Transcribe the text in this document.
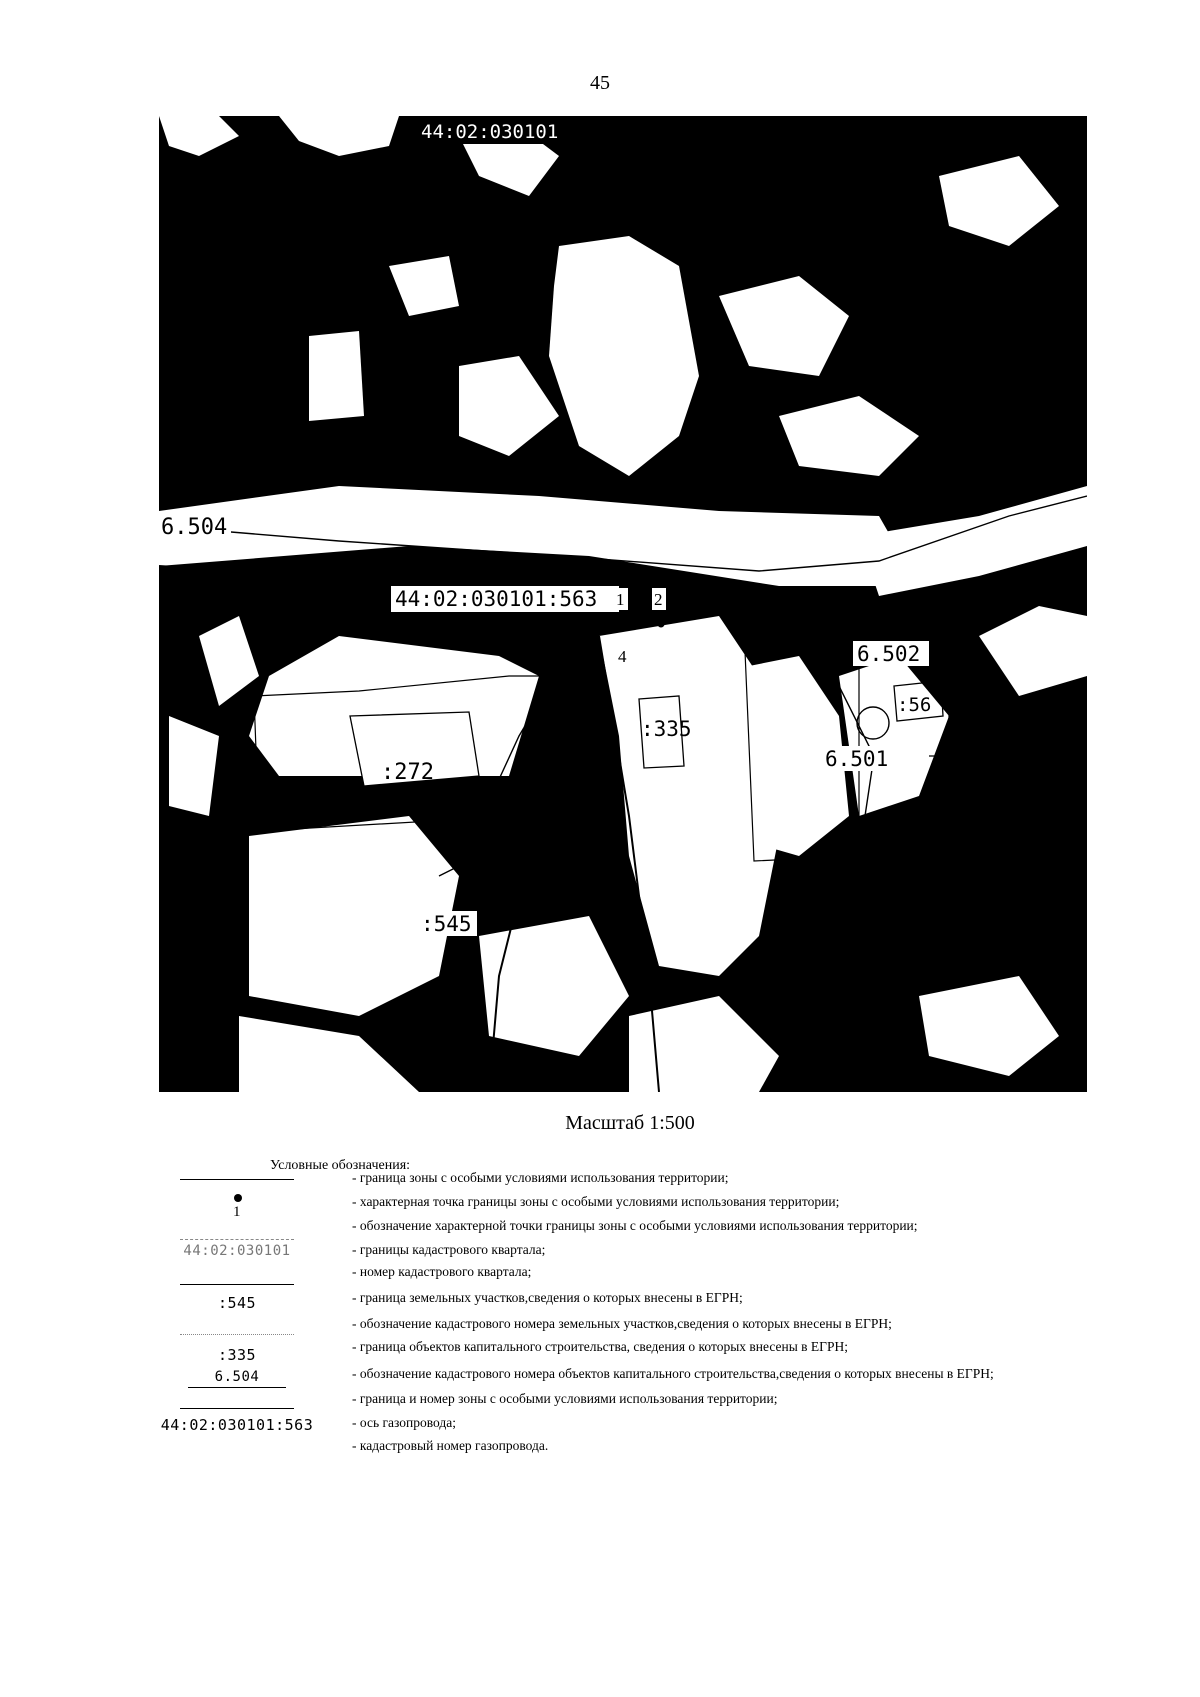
45
44:02:030101
6.504
44:02:030101:563
6.502
6.501
:272
:335
:545
:56
1 2
4
Масштаб 1:500
Условные обозначения:
1
44:02:030101
:545
:335
6.504
44:02:030101:563
- граница зоны с особыми условиями использования территории;
- характерная точка границы зоны с особыми условиями использования территории;
- обозначение характерной точки границы зоны с особыми условиями использования территории;
- границы кадастрового квартала;
- номер кадастрового квартала;
- граница земельных участков,сведения о которых внесены в ЕГРН;
- обозначение кадастрового номера земельных участков,сведения о которых внесены в ЕГРН;
- граница объектов капитального строительства, сведения о которых внесены в ЕГРН;
- обозначение кадастрового номера объектов капитального строительства,сведения о которых внесены в ЕГРН;
- граница и номер зоны с особыми условиями использования территории;
- ось газопровода;
- кадастровый номер газопровода.
